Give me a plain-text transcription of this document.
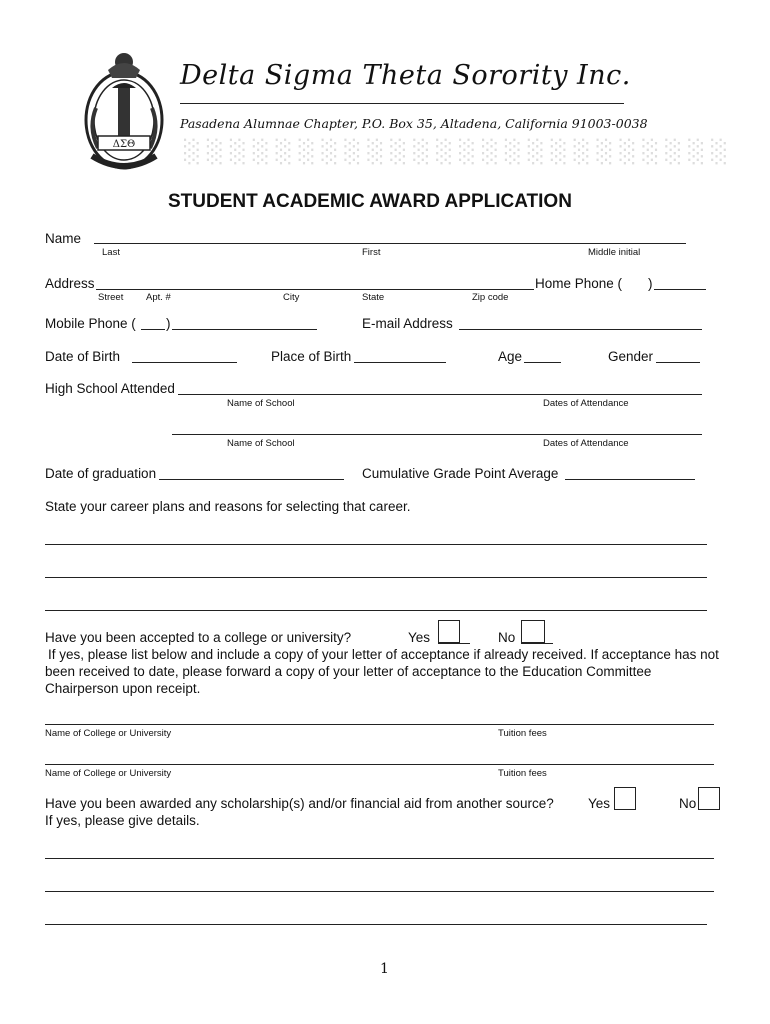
ΔΣΘ
Delta Sigma Theta Sorority Inc.
Pasadena Alumnae Chapter, P.O. Box 35, Altadena, California 91003-0038
░░░░░░░░░░░░░░░░░░░░░░░░
STUDENT ACADEMIC AWARD APPLICATION
Name
Last	First	Middle initial
Address	Home Phone ( )
Street Apt. #	City	State	Zip code
Mobile Phone ( )	E-mail Address
Date of Birth	Place of Birth	Age	Gender
High School Attended
Name of School	Dates of Attendance
Name of School	Dates of Attendance
Date of graduation	Cumulative Grade Point Average
State your career plans and reasons for selecting that career.
Have you been accepted to a college or university?	Yes	No
If yes, please list below and include a copy of your letter of acceptance if already received. If acceptance has not been received to date, please forward a copy of your letter of acceptance to the Education Committee Chairperson upon receipt.
Name of College or University	Tuition fees
Name of College or University	Tuition fees
Have you been awarded any scholarship(s) and/or financial aid from another source?	Yes	No
If yes, please give details.
1
